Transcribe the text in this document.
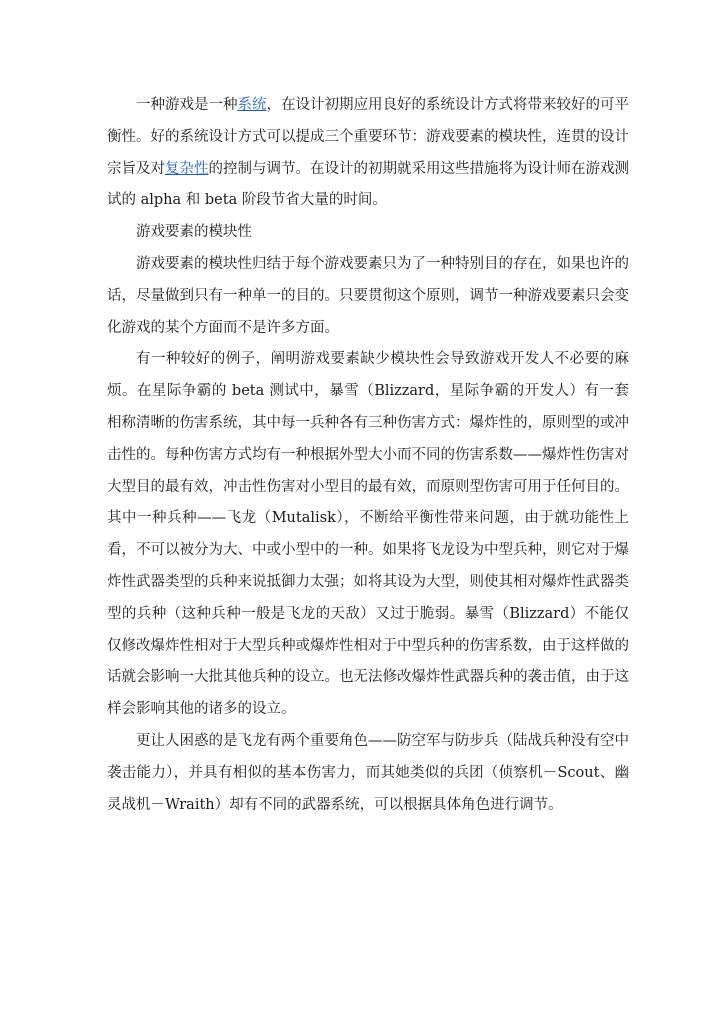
一种游戏是一种系统，在设计初期应用良好的系统设计方式将带来较好的可平衡性。好的系统设计方式可以提成三个重要环节：游戏要素的模块性，连贯的设计宗旨及对复杂性的控制与调节。在设计的初期就采用这些措施将为设计师在游戏测试的 alpha 和 beta 阶段节省大量的时间。

游戏要素的模块性

游戏要素的模块性归结于每个游戏要素只为了一种特别目的存在，如果也许的话，尽量做到只有一种单一的目的。只要贯彻这个原则，调节一种游戏要素只会变化游戏的某个方面而不是许多方面。

有一种较好的例子，阐明游戏要素缺少模块性会导致游戏开发人不必要的麻烦。在星际争霸的 beta 测试中，暴雪（Blizzard，星际争霸的开发人）有一套相称清晰的伤害系统，其中每一兵种各有三种伤害方式：爆炸性的，原则型的或冲击性的。每种伤害方式均有一种根据外型大小而不同的伤害系数——爆炸性伤害对大型目的最有效，冲击性伤害对小型目的最有效，而原则型伤害可用于任何目的。其中一种兵种——飞龙（Mutalisk），不断给平衡性带来问题，由于就功能性上看，不可以被分为大、中或小型中的一种。如果将飞龙设为中型兵种，则它对于爆炸性武器类型的兵种来说抵御力太强；如将其设为大型，则使其相对爆炸性武器类型的兵种（这种兵种一般是飞龙的天敌）又过于脆弱。暴雪（Blizzard）不能仅仅修改爆炸性相对于大型兵种或爆炸性相对于中型兵种的伤害系数，由于这样做的话就会影响一大批其他兵种的设立。也无法修改爆炸性武器兵种的袭击值，由于这样会影响其他的诸多的设立。

更让人困惑的是飞龙有两个重要角色——防空军与防步兵（陆战兵种没有空中袭击能力），并具有相似的基本伤害力，而其她类似的兵团（侦察机－Scout、幽灵战机－Wraith）却有不同的武器系统，可以根据具体角色进行调节。
